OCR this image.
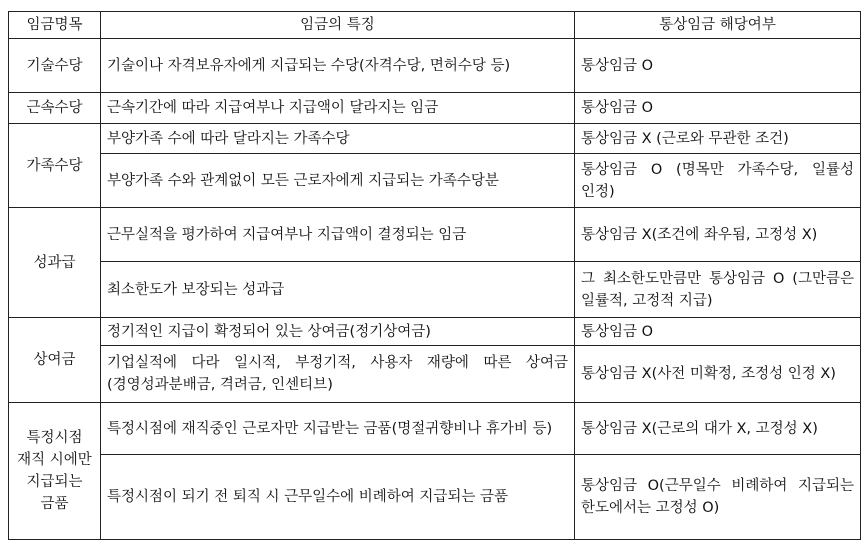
임금명목	임금의 특징	통상임금 해당여부
기술수당	기술이나 자격보유자에게 지급되는 수당(자격수당, 면허수당 등)	통상임금 O
근속수당	근속기간에 따라 지급여부나 지급액이 달라지는 임금	통상임금 O
가족수당	부양가족 수에 따라 달라지는 가족수당	통상임금 X (근로와 무관한 조건)
	부양가족 수와 관계없이 모든 근로자에게 지급되는 가족수당분	통상임금 O (명목만 가족수당, 일률성 인정)
성과급	근무실적을 평가하여 지급여부나 지급액이 결정되는 임금	통상임금 X(조건에 좌우됨, 고정성 X)
	최소한도가 보장되는 성과급	그 최소한도만큼만 통상임금 O (그만큼은 일률적, 고정적 지급)
상여금	정기적인 지급이 확정되어 있는 상여금(정기상여금)	통상임금 O
	기업실적에 다라 일시적, 부정기적, 사용자 재량에 따른 상여금(경영성과분배금, 격려금, 인센티브)	통상임금 X(사전 미확정, 조정성 인정 X)
특정시점 재직 시에만 지급되는 금품	특정시점에 재직중인 근로자만 지급받는 금품(명절귀향비나 휴가비 등)	통상임금 X(근로의 대가 X, 고정성 X)
	특정시점이 되기 전 퇴직 시 근무일수에 비례하여 지급되는 금품	통상임금 O(근무일수 비례하여 지급되는 한도에서는 고정성 O)
